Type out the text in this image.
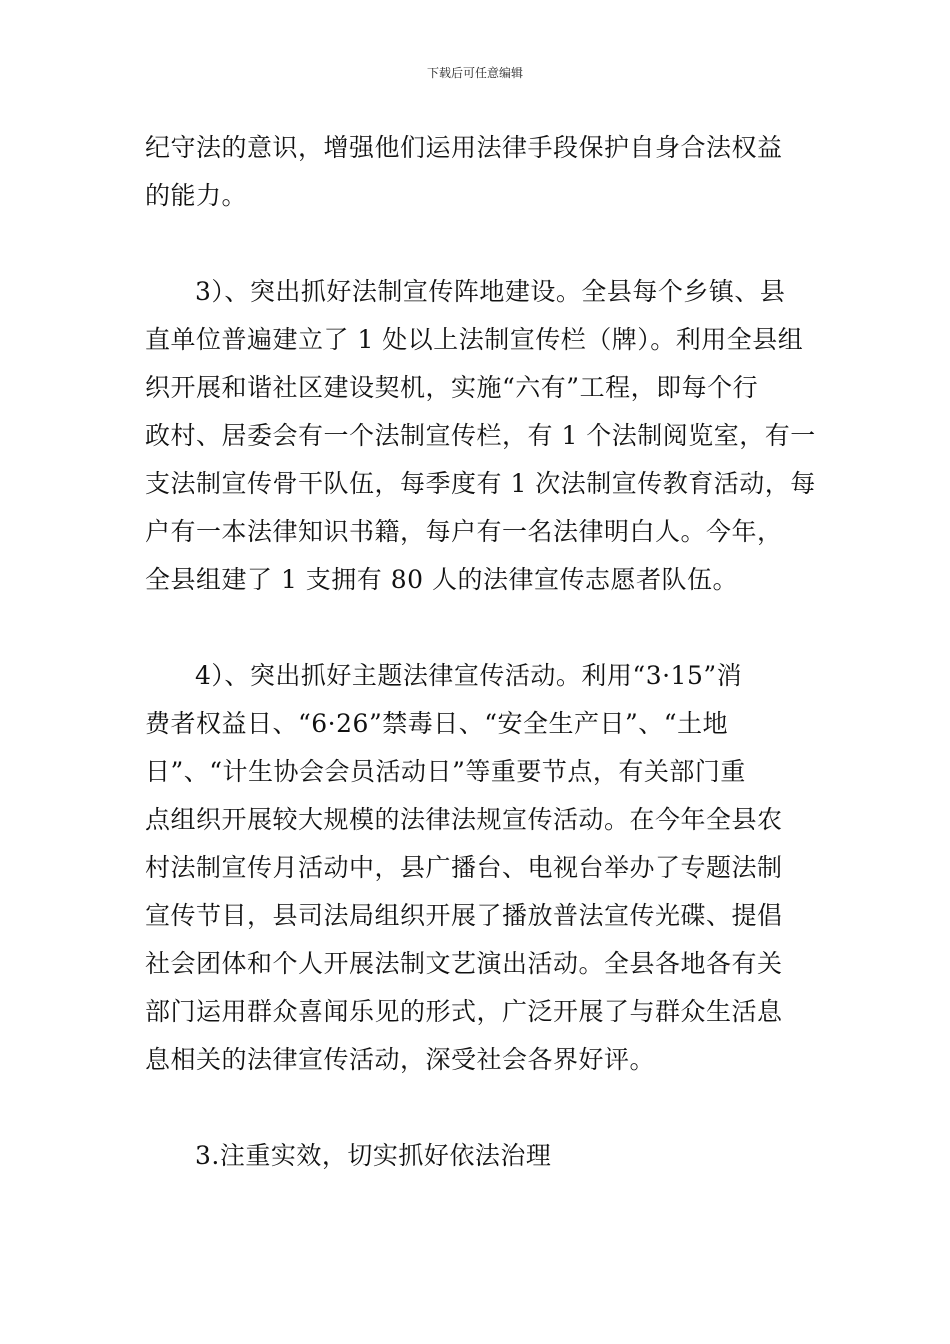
下载后可任意编辑
纪守法的意识，增强他们运用法律手段保护自身合法权益
的能力。
3）、突出抓好法制宣传阵地建设。全县每个乡镇、县
直单位普遍建立了 1 处以上法制宣传栏（牌）。利用全县组
织开展和谐社区建设契机，实施“六有”工程，即每个行
政村、居委会有一个法制宣传栏，有 1 个法制阅览室，有一
支法制宣传骨干队伍，每季度有 1 次法制宣传教育活动，每
户有一本法律知识书籍，每户有一名法律明白人。今年，
全县组建了 1 支拥有 80 人的法律宣传志愿者队伍。
4）、突出抓好主题法律宣传活动。利用“3·15”消
费者权益日、“6·26”禁毒日、“安全生产日”、“土地
日”、“计生协会会员活动日”等重要节点，有关部门重
点组织开展较大规模的法律法规宣传活动。在今年全县农
村法制宣传月活动中，县广播台、电视台举办了专题法制
宣传节目，县司法局组织开展了播放普法宣传光碟、提倡
社会团体和个人开展法制文艺演出活动。全县各地各有关
部门运用群众喜闻乐见的形式，广泛开展了与群众生活息
息相关的法律宣传活动，深受社会各界好评。
3.注重实效，切实抓好依法治理
